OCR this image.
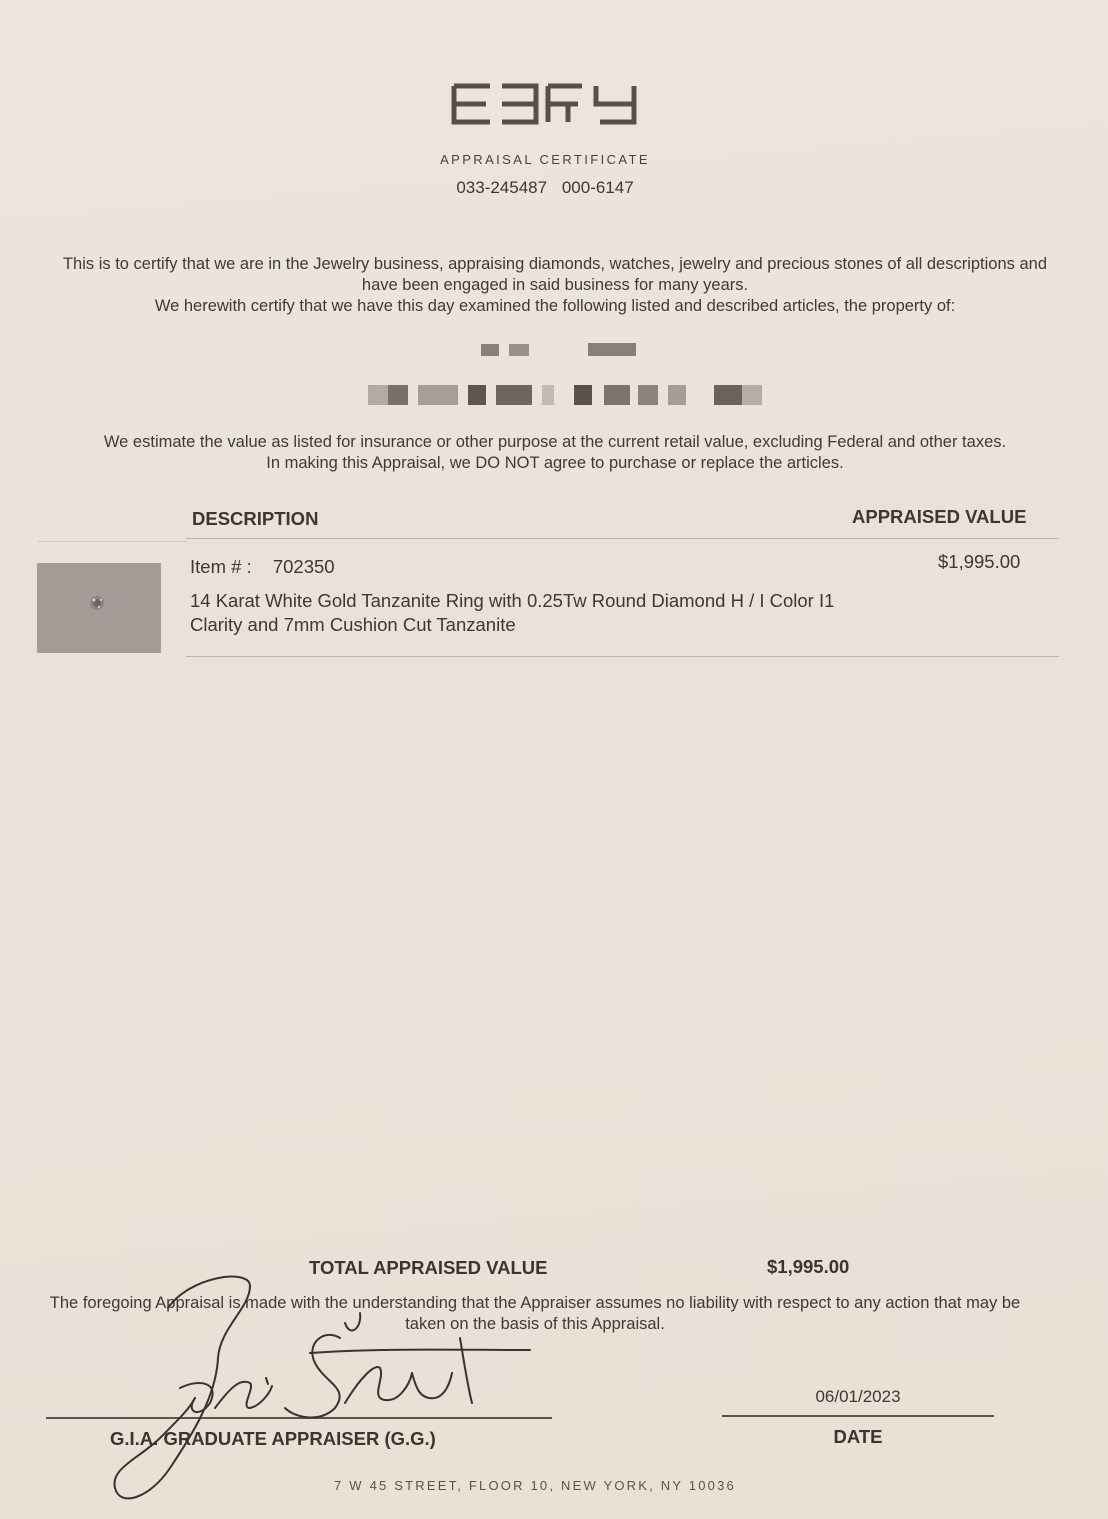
APPRAISAL CERTIFICATE
033-245487 000-6147
This is to certify that we are in the Jewelry business, appraising diamonds, watches, jewelry and precious stones of all descriptions and have been engaged in said business for many years.
We herewith certify that we have this day examined the following listed and described articles, the property of:
We estimate the value as listed for insurance or other purpose at the current retail value, excluding Federal and other taxes.
In making this Appraisal, we DO NOT agree to purchase or replace the articles.
DESCRIPTION	APPRAISED VALUE
Item # : 702350
14 Karat White Gold Tanzanite Ring with 0.25Tw Round Diamond H / I Color I1 Clarity and 7mm Cushion Cut Tanzanite
$1,995.00
TOTAL APPRAISED VALUE	$1,995.00
The foregoing Appraisal is made with the understanding that the Appraiser assumes no liability with respect to any action that may be taken on the basis of this Appraisal.
06/01/2023
G.I.A. GRADUATE APPRAISER (G.G.)	DATE
7 W 45 STREET, FLOOR 10, NEW YORK, NY 10036
